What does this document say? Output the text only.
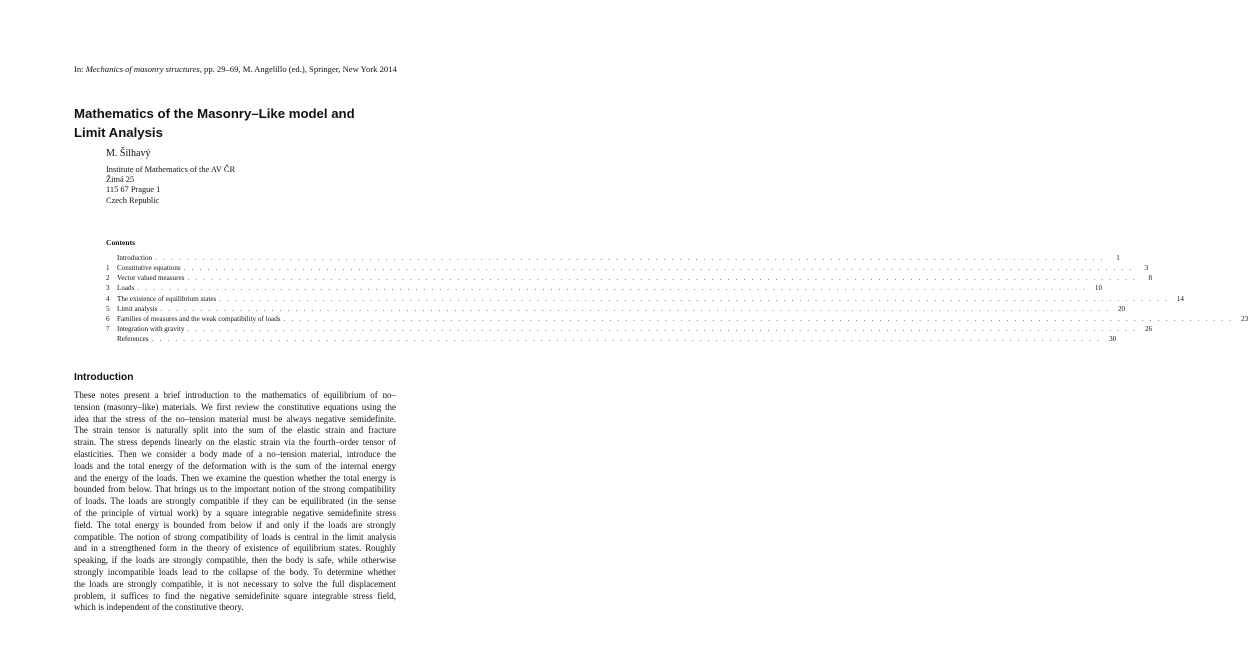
In: Mechanics of masonry structures, pp. 29–69, M. Angelillo (ed.), Springer, New York 2014
Mathematics of the Masonry–Like model and
Limit Analysis
M. Šilhavý
Institute of Mathematics of the AV ČR
Žitná 25
115 67 Prague 1
Czech Republic
Contents
Introduction . . . . . . . . . . . . . . . . . . . . . . . . . . . . . . . . . . . . . . . . . . . . . . . . . . . . . . . . . . . . . . . . . . . . . . . . . . . . . . . . . . . . . . . . . . . . . . . . . . . . . . . . . . . . . . . . . . . . . . . .	1
1	Constitutive equations . . . . . . . . . . . . . . . . . . . . . . . . . . . . . . . . . . . . . . . . . . . . . . . . . . . . . . . . . . . . . . . . . . . . . . . . . . . . . . . . . . . . . . . . . . . . . . . . . . . . . . . . . . . . . . . . . . . . . . . .	3
2	Vector valued measures . . . . . . . . . . . . . . . . . . . . . . . . . . . . . . . . . . . . . . . . . . . . . . . . . . . . . . . . . . . . . . . . . . . . . . . . . . . . . . . . . . . . . . . . . . . . . . . . . . . . . . . . . . . . . . . . . . . . . . . .	8
3	Loads . . . . . . . . . . . . . . . . . . . . . . . . . . . . . . . . . . . . . . . . . . . . . . . . . . . . . . . . . . . . . . . . . . . . . . . . . . . . . . . . . . . . . . . . . . . . . . . . . . . . . . . . . . . . . . . . . . . . . . . .	10
4	The existence of equilibrium states . . . . . . . . . . . . . . . . . . . . . . . . . . . . . . . . . . . . . . . . . . . . . . . . . . . . . . . . . . . . . . . . . . . . . . . . . . . . . . . . . . . . . . . . . . . . . . . . . . . . . . . . . . . . . . . . . . . . . . . .	14
5	Limit analysis . . . . . . . . . . . . . . . . . . . . . . . . . . . . . . . . . . . . . . . . . . . . . . . . . . . . . . . . . . . . . . . . . . . . . . . . . . . . . . . . . . . . . . . . . . . . . . . . . . . . . . . . . . . . . . . . . . . . . . . .	20
6	Families of measures and the weak compatibility of loads . . . . . . . . . . . . . . . . . . . . . . . . . . . . . . . . . . . . . . . . . . . . . . . . . . . . . . . . . . . . . . . . . . . . . . . . . . . . . . . . . . . . . . . . . . . . . . . . . . . . . . . . . . . . . . . . . . . . . . . .	23
7	Integration with gravity . . . . . . . . . . . . . . . . . . . . . . . . . . . . . . . . . . . . . . . . . . . . . . . . . . . . . . . . . . . . . . . . . . . . . . . . . . . . . . . . . . . . . . . . . . . . . . . . . . . . . . . . . . . . . . . . . . . . . . . .	26
References . . . . . . . . . . . . . . . . . . . . . . . . . . . . . . . . . . . . . . . . . . . . . . . . . . . . . . . . . . . . . . . . . . . . . . . . . . . . . . . . . . . . . . . . . . . . . . . . . . . . . . . . . . . . . . . . . . . . . . . .	30
Introduction
These notes present a brief introduction to the mathematics of equilibrium of no–
tension (masonry–like) materials. We first review the constitutive equations using the
idea that the stress of the no–tension material must be always negative semidefinite.
The strain tensor is naturally split into the sum of the elastic strain and fracture
strain. The stress depends linearly on the elastic strain via the fourth–order tensor of
elasticities. Then we consider a body made of a no–tension material, introduce the
loads and the total energy of the deformation with is the sum of the internal energy
and the energy of the loads. Then we examine the question whether the total energy is
bounded from below. That brings us to the important notion of the strong compatibility
of loads. The loads are strongly compatible if they can be equilibrated (in the sense
of the principle of virtual work) by a square integrable negative semidefinite stress
field. The total energy is bounded from below if and only if the loads are strongly
compatible. The notion of strong compatibility of loads is central in the limit analysis
and in a strengthened form in the theory of existence of equilibrium states. Roughly
speaking, if the loads are strongly compatible, then the body is safe, while otherwise
strongly incompatible loads lead to the collapse of the body. To determine whether
the loads are strongly compatible, it is not necessary to solve the full displacement
problem, it suffices to find the negative semidefinite square integrable stress field,
which is independent of the constitutive theory.
